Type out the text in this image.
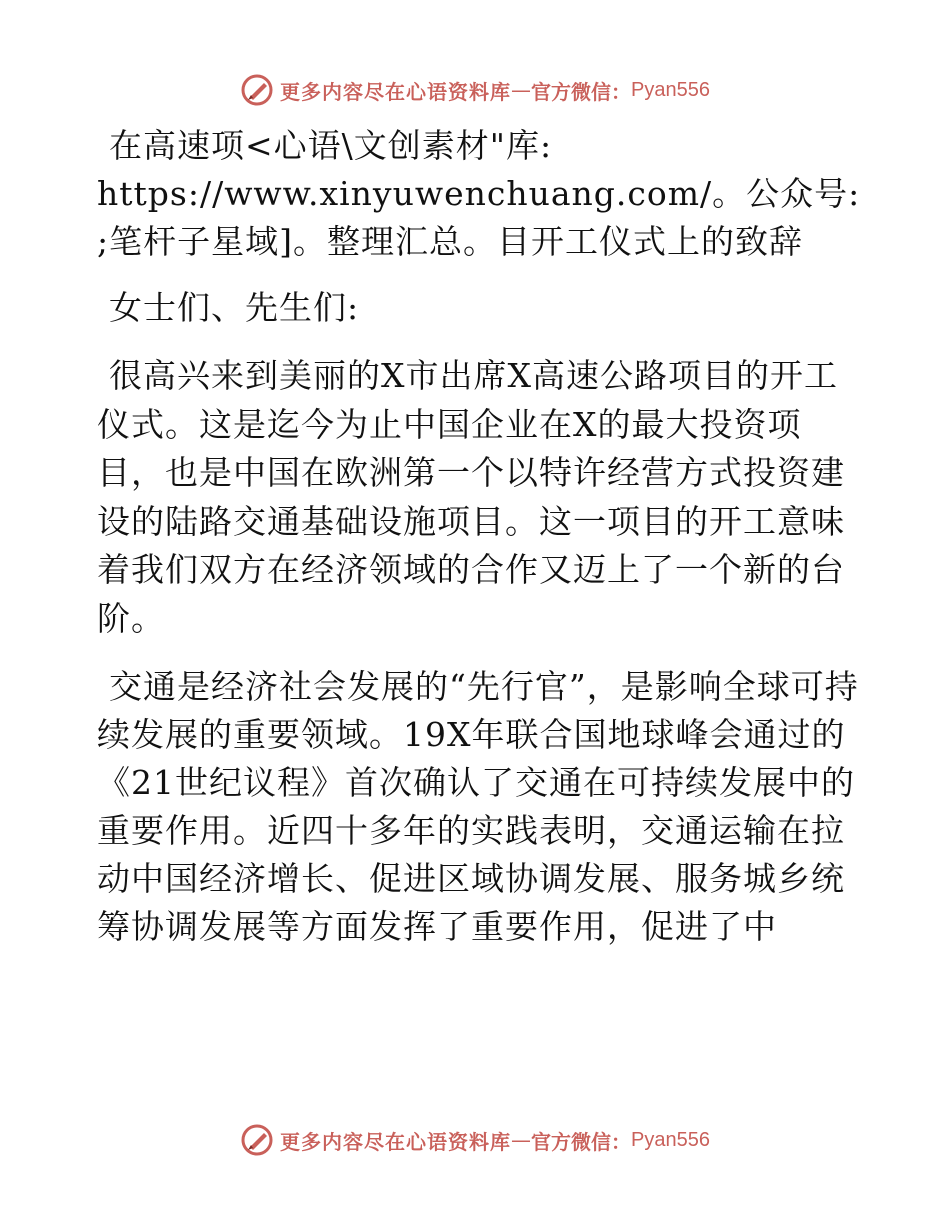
更多内容尽在心语资料库 — 官方微信： Pyan556

在高速项<心语\文创素材"库: https://www.xinyuwenchuang.com/。公众号: ;笔杆子星域]。整理汇总。目开工仪式上的致辞

女士们、先生们:

很高兴来到美丽的X市出席X高速公路项目的开工仪式。这是迄今为止中国企业在X的最大投资项目，也是中国在欧洲第一个以特许经营方式投资建设的陆路交通基础设施项目。这一项目的开工意味着我们双方在经济领域的合作又迈上了一个新的台阶。

交通是经济社会发展的“先行官”，是影响全球可持续发展的重要领域。19X年联合国地球峰会通过的《21世纪议程》首次确认了交通在可持续发展中的重要作用。近四十多年的实践表明，交通运输在拉动中国经济增长、促进区域协调发展、服务城乡统筹协调发展等方面发挥了重要作用，促进了中

更多内容尽在心语资料库 — 官方微信： Pyan556
